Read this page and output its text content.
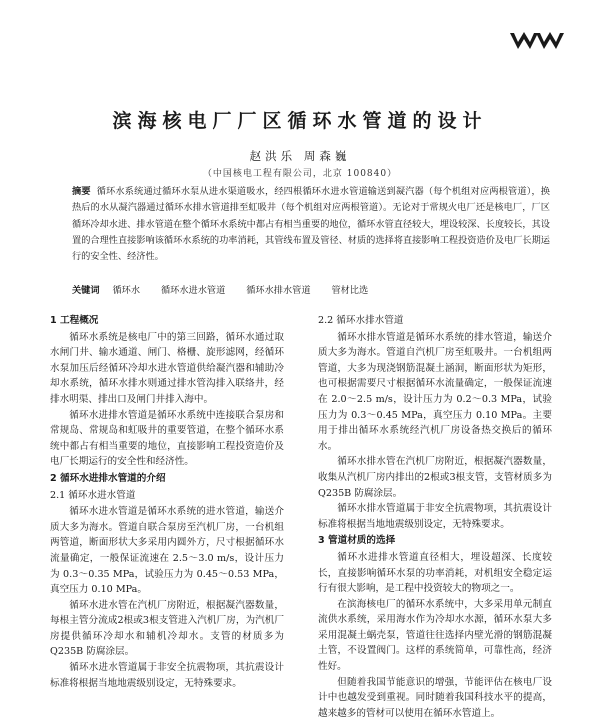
滨海核电厂厂区循环水管道的设计
赵洪乐 周森巍
（中国核电工程有限公司，北京 100840）
摘要 循环水系统通过循环水泵从进水渠道吸水，经四根循环水进水管道输送到凝汽器（每个机组对应两根管道），换热后的水从凝汽器通过循环水排水管道排至虹吸井（每个机组对应两根管道）。无论对于常规火电厂还是核电厂，厂区循环冷却水进、排水管道在整个循环水系统中都占有相当重要的地位，循环水管直径较大，埋设较深、长度较长，其设置的合理性直接影响该循环水系统的功率消耗，其管线布置及管径、材质的选择将直接影响工程投资造价及电厂长期运行的安全性、经济性。
关键词 循环水 循环水进水管道 循环水排水管道 管材比选
1 工程概况

循环水系统是核电厂中的第三回路，循环水通过取水闸门井、输水通道、闸门、格栅、旋形滤网，经循环水泵加压后经循环冷却水进水管道供给凝汽器和辅助冷却水系统，循环水排水则通过排水管沟排入联络井，经排水明渠、排出口及闸门井排入海中。

循环水进排水管道是循环水系统中连接联合泵房和常规岛、常规岛和虹吸井的重要管道，在整个循环水系统中都占有相当重要的地位，直接影响工程投资造价及电厂长期运行的安全性和经济性。

2 循环水进排水管道的介绍
2.1 循环水进水管道

循环水进水管道是循环水系统的进水管道，输送介质大多为海水。管道自联合泵房至汽机厂房，一台机组两管道，断面形状大多采用内圆外方，尺寸根据循环水流量确定，一般保证流速在 2.5～3.0 m/s，设计压力为 0.3～0.35 MPa，试验压力为 0.45～0.53 MPa，真空压力 0.10 MPa。

循环水进水管在汽机厂房附近，根据凝汽器数量，每根主管分流成2根或3根支管进入汽机厂房，为汽机厂房提供循环冷却水和辅机冷却水。支管的材质多为 Q235B 防腐涂层。

循环水进水管道属于非安全抗震物项，其抗震设计标准将根据当地地震级别设定，无特殊要求。

2.2 循环水排水管道

循环水排水管道是循环水系统的排水管道，输送介质大多为海水。管道自汽机厂房至虹吸井。一台机组两管道，大多为现浇钢筋混凝土涵洞，断面形状为矩形，也可根据需要尺寸根据循环水流量确定，一般保证流速在 2.0～2.5 m/s，设计压力为 0.2～0.3 MPa，试验压力为 0.3～0.45 MPa，真空压力 0.10 MPa。主要用于排出循环水系统经汽机厂房设备热交换后的循环水。

循环水排水管在汽机厂房附近，根据凝汽器数量，收集从汽机厂房内排出的2根或3根支管，支管材质多为 Q235B 防腐涂层。

循环水排水管道属于非安全抗震物项，其抗震设计标准将根据当地地震级别设定，无特殊要求。

3 管道材质的选择

循环水进排水管道直径相大，埋设超深、长度较长，直接影响循环水泵的功率消耗，对机组安全稳定运行有很大影响，是工程中投资较大的物项之一。

在滨海核电厂的循环水系统中，大多采用单元制直流供水系统，采用海水作为冷却水水源，循环水泵大多采用混凝土蜗壳泵，管道往往选择内壁光滑的钢筋混凝土管，不设置阀门。这样的系统简单，可靠性高，经济性好。

但随着我国节能意识的增强，节能评估在核电厂设计中也越发受到重视。同时随着我国科技水平的提高，越来越多的管材可以使用在循环水管道上。
